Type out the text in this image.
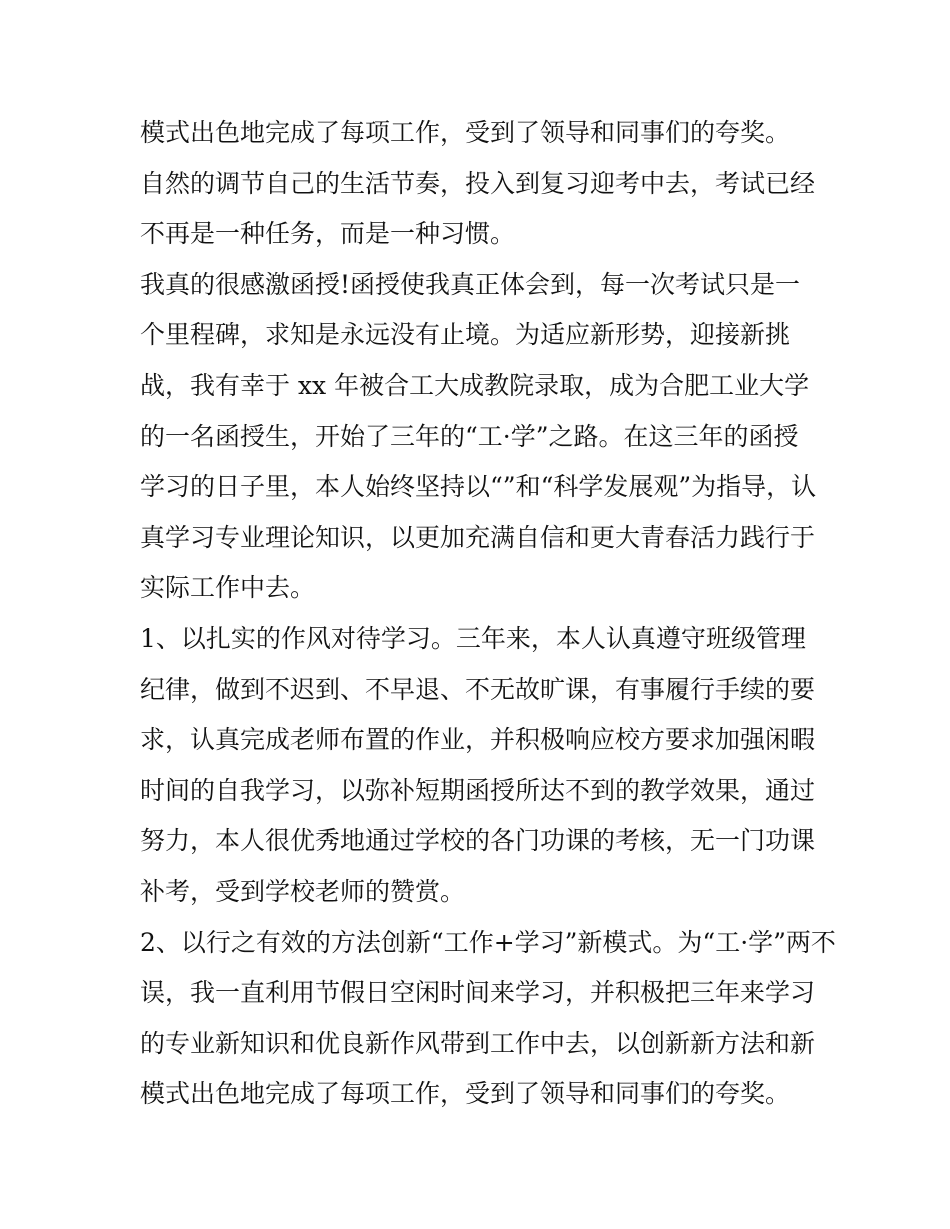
模式出色地完成了每项工作，受到了领导和同事们的夸奖。
自然的调节自己的生活节奏，投入到复习迎考中去，考试已经
不再是一种任务，而是一种习惯。
我真的很感激函授!函授使我真正体会到，每一次考试只是一
个里程碑，求知是永远没有止境。为适应新形势，迎接新挑
战，我有幸于 xx 年被合工大成教院录取，成为合肥工业大学
的一名函授生，开始了三年的“工·学”之路。在这三年的函授
学习的日子里，本人始终坚持以“”和“科学发展观”为指导，认
真学习专业理论知识，以更加充满自信和更大青春活力践行于
实际工作中去。
1、以扎实的作风对待学习。三年来，本人认真遵守班级管理
纪律，做到不迟到、不早退、不无故旷课，有事履行手续的要
求，认真完成老师布置的作业，并积极响应校方要求加强闲暇
时间的自我学习，以弥补短期函授所达不到的教学效果，通过
努力，本人很优秀地通过学校的各门功课的考核，无一门功课
补考，受到学校老师的赞赏。
2、以行之有效的方法创新“工作+学习”新模式。为“工·学”两不
误，我一直利用节假日空闲时间来学习，并积极把三年来学习
的专业新知识和优良新作风带到工作中去，以创新新方法和新
模式出色地完成了每项工作，受到了领导和同事们的夸奖。
